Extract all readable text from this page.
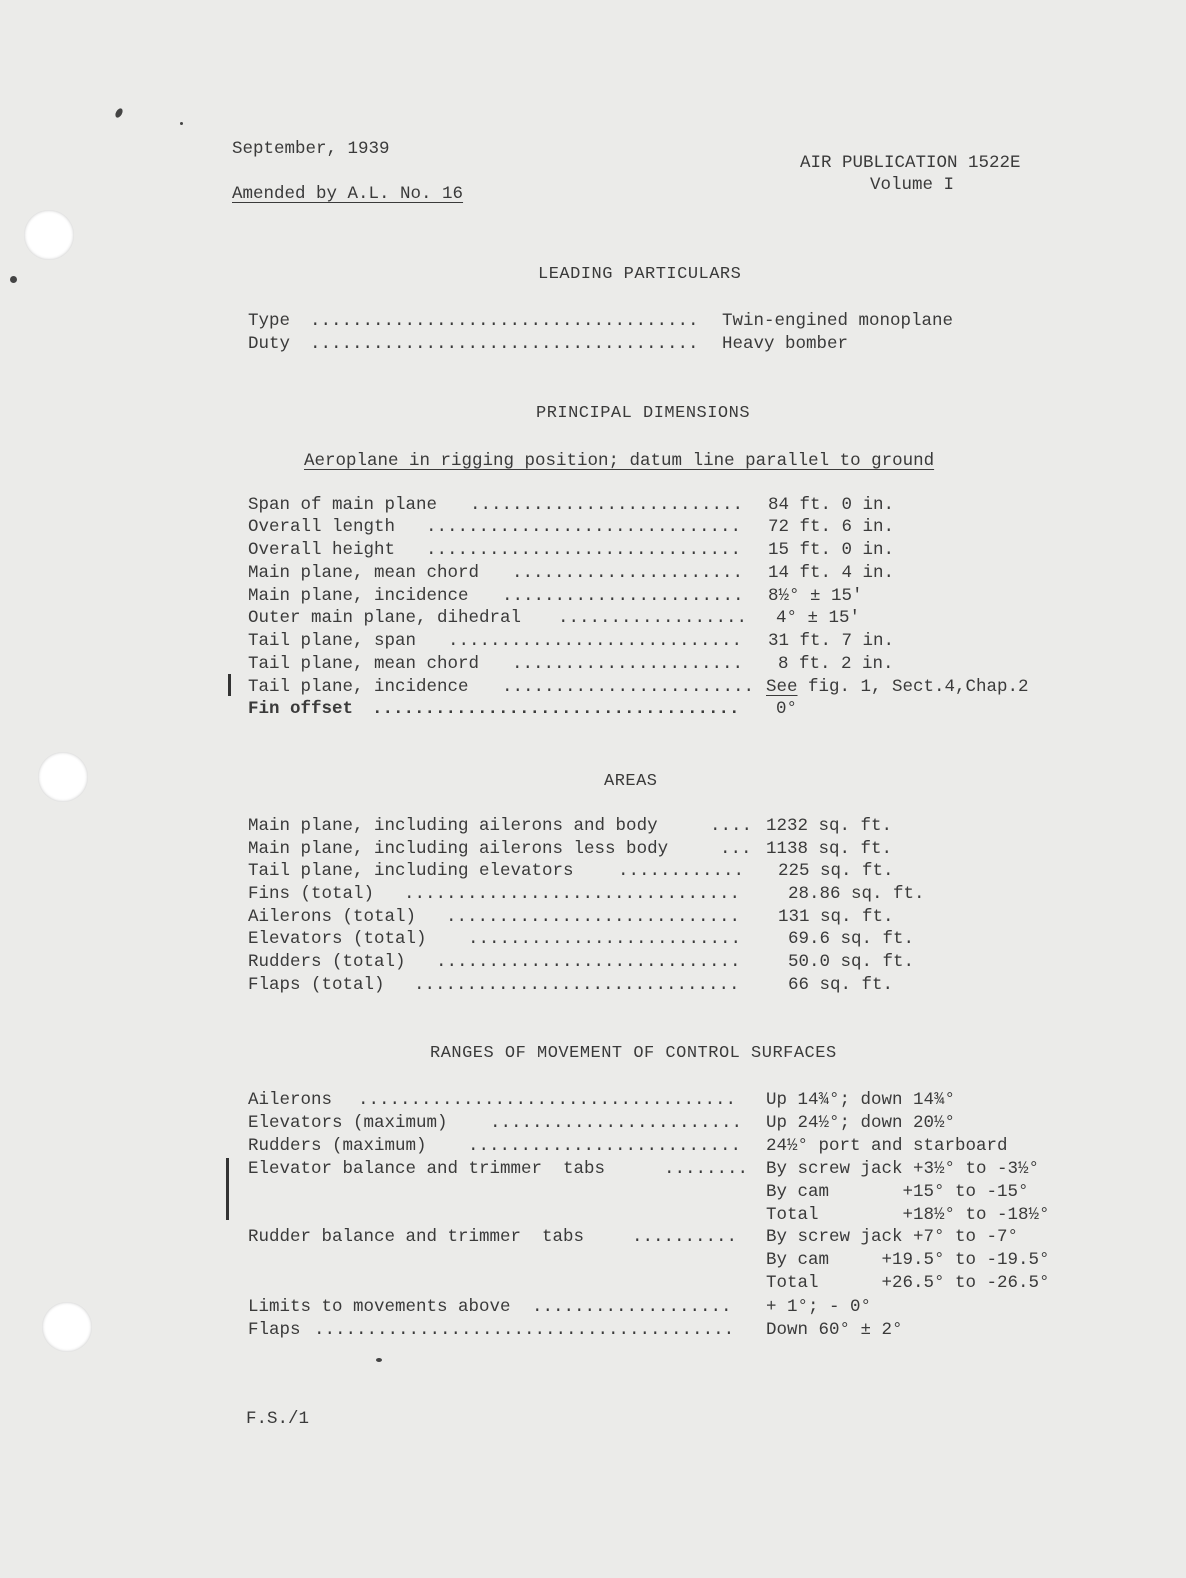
September, 1939
Amended by A.L. No. 16
AIR PUBLICATION 1522E
Volume I
LEADING PARTICULARS
Type .....................................	Twin-engined monoplane
Duty .....................................	Heavy bomber
PRINCIPAL DIMENSIONS
Aeroplane in rigging position; datum line parallel to ground
Span of main plane ..........................	84 ft. 0 in.
Overall length ..............................	72 ft. 6 in.
Overall height ..............................	15 ft. 0 in.
Main plane, mean chord ......................	14 ft. 4 in.
Main plane, incidence .......................	8½° ± 15'
Outer main plane, dihedral ..................	4° ± 15'
Tail plane, span ............................	31 ft. 7 in.
Tail plane, mean chord ......................	8 ft. 2 in.
Tail plane, incidence ........................ See fig. 1, Sect.4,Chap.2
Fin offset ...................................	0°
AREAS
Main plane, including ailerons and body	.... 1232 sq. ft.
Main plane, including ailerons less body	... 1138 sq. ft.
Tail plane, including elevators	............	225 sq. ft.
Fins (total) ................................	28.86 sq. ft.
Ailerons (total) ............................	131 sq. ft.
Elevators (total) ..........................	69.6 sq. ft.
Rudders (total) .............................	50.0 sq. ft.
Flaps (total) ...............................	66 sq. ft.
RANGES OF MOVEMENT OF CONTROL SURFACES
Ailerons ....................................	Up 14¾°; down 14¾°
Elevators (maximum) ........................	Up 24½°; down 20½°
Rudders (maximum) ..........................	24½° port and starboard
Elevator balance and trimmer  tabs	........	By screw jack +3½° to -3½°
By cam       +15° to -15°
Total        +18½° to -18½°
Rudder balance and trimmer  tabs	..........	By screw jack +7° to -7°
By cam     +19.5° to -19.5°
Total      +26.5° to -26.5°
Limits to movements above ...................	+ 1°; - 0°
Flaps ........................................	Down 60° ± 2°
F.S./1
